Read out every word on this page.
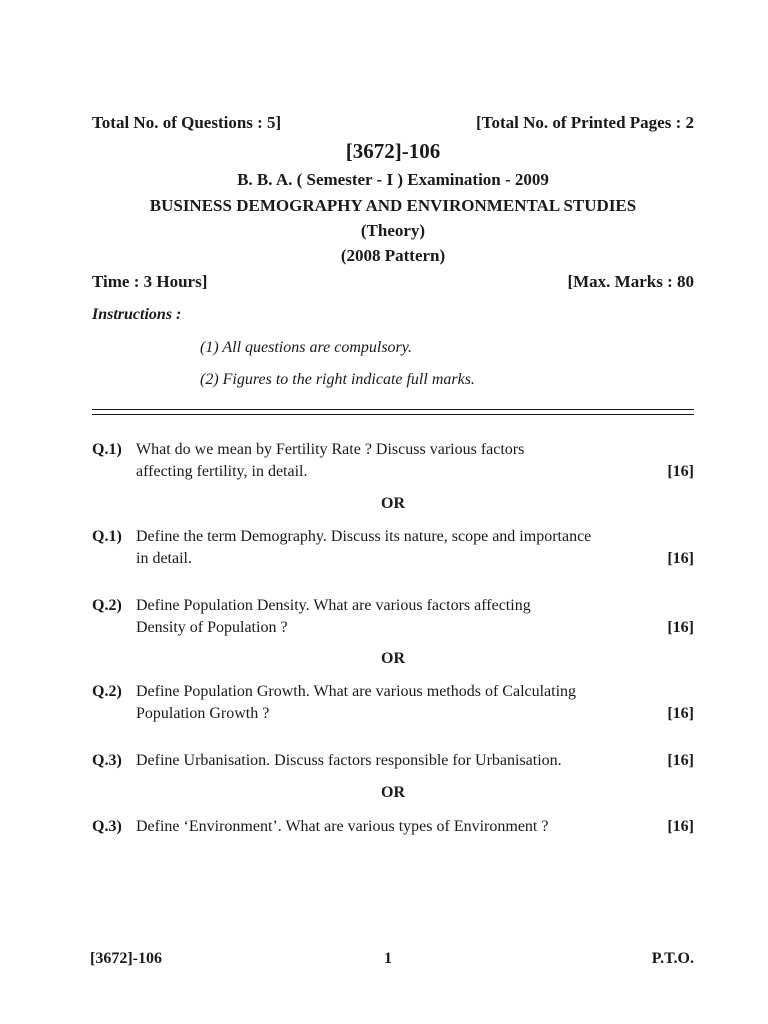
Total No. of Questions : 5]	[Total No. of Printed Pages : 2
[3672]-106
B. B. A. ( Semester - I ) Examination - 2009
BUSINESS DEMOGRAPHY AND ENVIRONMENTAL STUDIES
(Theory)
(2008 Pattern)
Time : 3 Hours]	[Max. Marks : 80
Instructions :
(1) All questions are compulsory.
(2) Figures to the right indicate full marks.
Q.1) What do we mean by Fertility Rate ? Discuss various factors
affecting fertility, in detail.	[16]
OR
Q.1) Define the term Demography. Discuss its nature, scope and importance
in detail.	[16]
Q.2) Define Population Density. What are various factors affecting
Density of Population ?	[16]
OR
Q.2) Define Population Growth. What are various methods of Calculating
Population Growth ?	[16]
Q.3) Define Urbanisation. Discuss factors responsible for Urbanisation.	[16]
OR
Q.3) Define ‘Environment’. What are various types of Environment ?	[16]
[3672]-106	1	P.T.O.
